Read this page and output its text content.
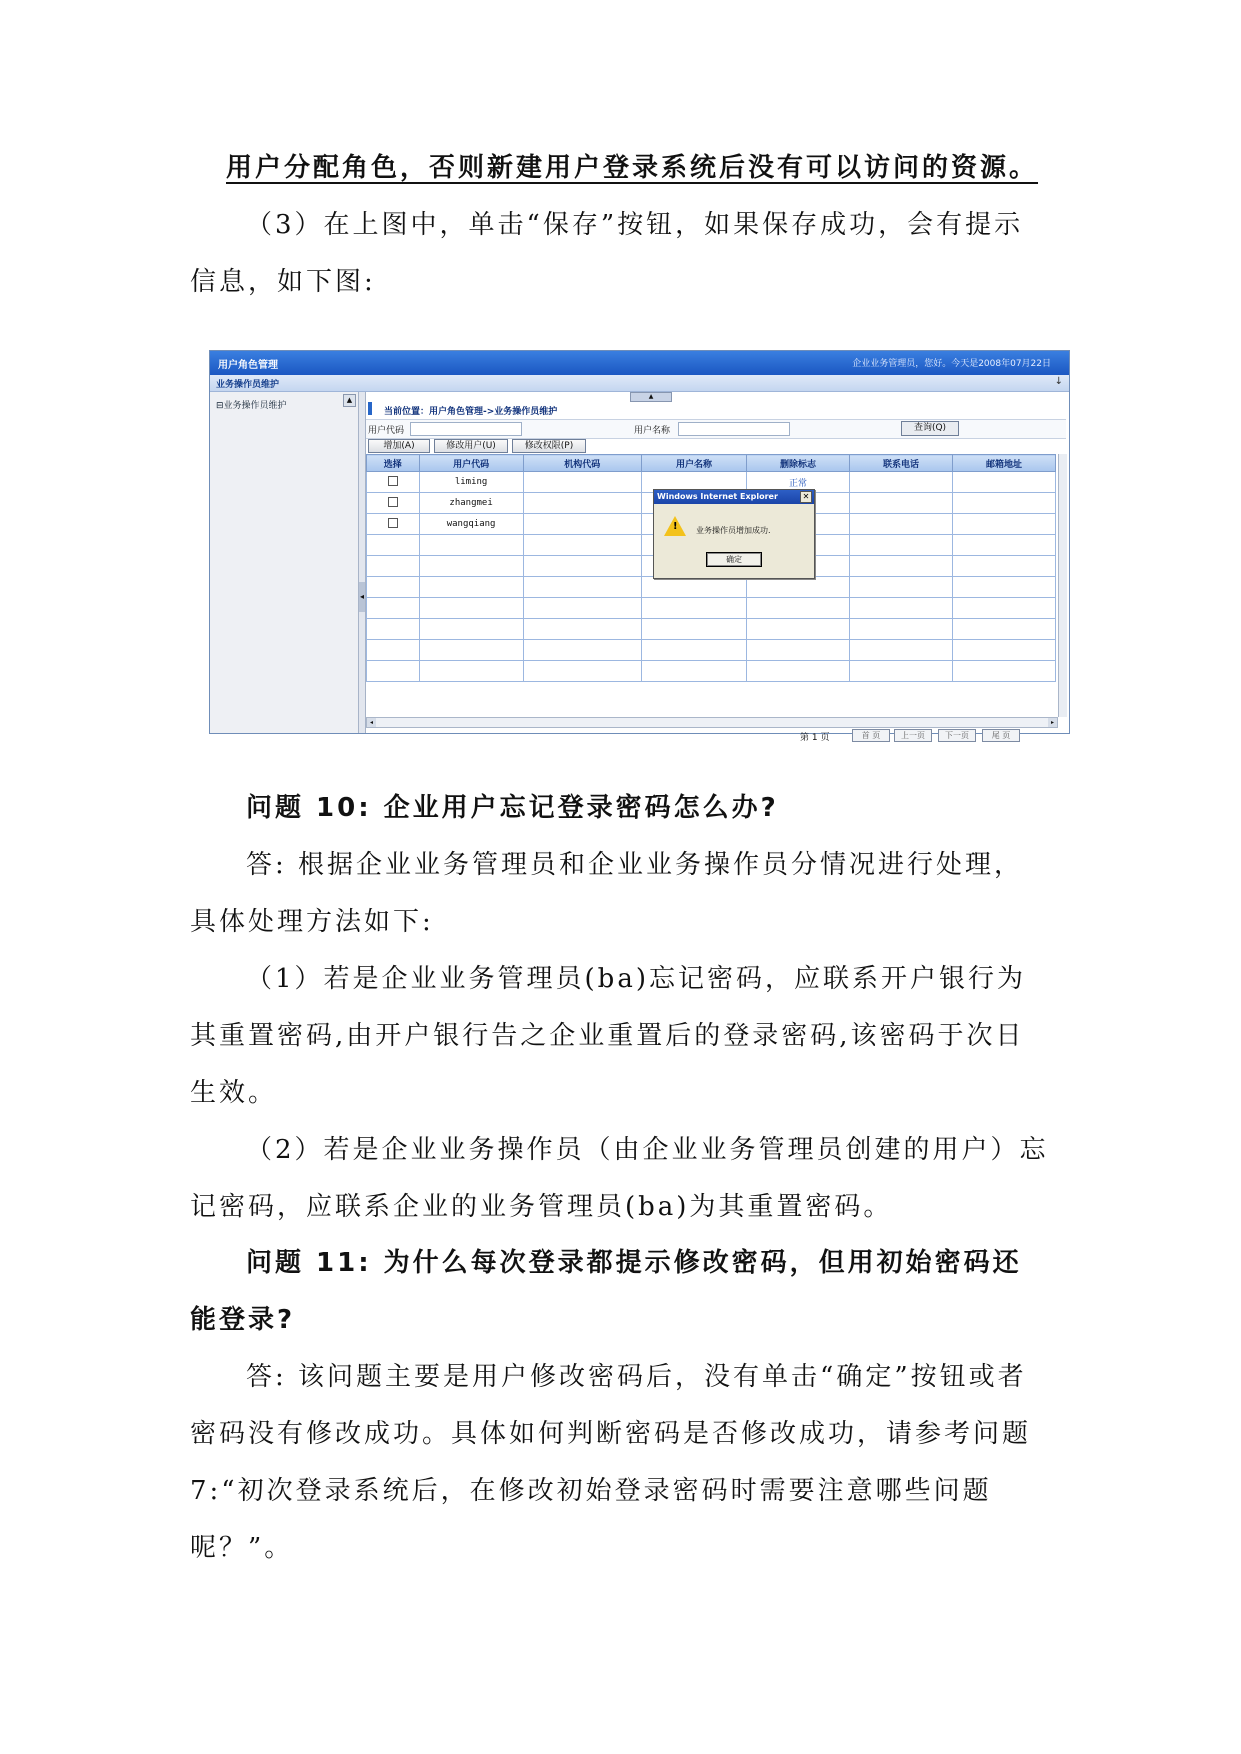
用户分配角色，否则新建用户登录系统后没有可以访问的资源。

（3）在上图中，单击“保存”按钮，如果保存成功，会有提示信息，如下图:

用户角色管理	企业业务管理员，您好。今天是2008年07月22日
业务操作员维护	↓
⊟业务操作员维护
▲
◂
▲
当前位置：用户角色管理->业务操作员维护
用户代码	用户名称	查询(Q)
增加(A)	修改用户(U)	修改权限(P)
选择	用户代码	机构代码	用户名称	删除标志	联系电话	邮箱地址
	liming			正常		
	zhangmei					
	wangqiang					

◂	▸
第 1 页	首 页	上一页	下一页	尾 页
Windows Internet Explorer	✕
! 业务操作员增加成功.
确定

问题 10: 企业用户忘记登录密码怎么办?

答: 根据企业业务管理员和企业业务操作员分情况进行处理，具体处理方法如下:

（1）若是企业业务管理员(ba)忘记密码，应联系开户银行为其重置密码,由开户银行告之企业重置后的登录密码,该密码于次日生效。

（2）若是企业业务操作员（由企业业务管理员创建的用户）忘记密码，应联系企业的业务管理员(ba)为其重置密码。

问题 11: 为什么每次登录都提示修改密码，但用初始密码还能登录?

答: 该问题主要是用户修改密码后，没有单击“确定”按钮或者密码没有修改成功。具体如何判断密码是否修改成功，请参考问题 7:“初次登录系统后，在修改初始登录密码时需要注意哪些问题呢？”。
